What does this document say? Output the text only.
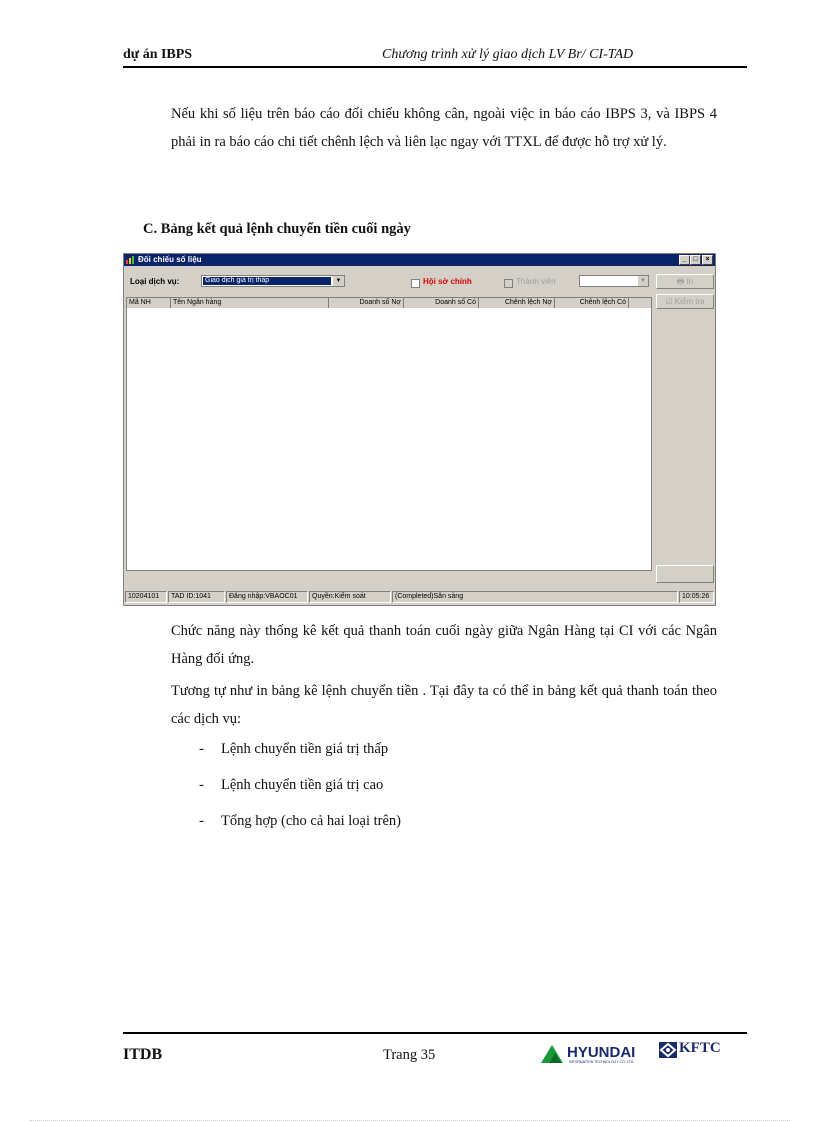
dự án IBPS	Chương trình xử lý giao dịch LV Br/ CI-TAD
Nếu khi số liệu trên báo cáo đối chiếu không cân, ngoài việc in báo cáo IBPS 3, và IBPS 4 phải in ra báo cáo chi tiết chênh lệch và liên lạc ngay với TTXL để được hỗ trợ xử lý.
C. Bảng kết quả lệnh chuyển tiền cuối ngày
Đối chiếu số liệu	_ □	×
Loại dịch vụ:	Giao dịch giá trị thấp	▼	Hội sở chính	Thành viên	▼
Mã NH	Tên Ngân hàng	Doanh số Nợ	Doanh số Có	Chênh lệch Nợ	Chênh lệch Có
🖶 In
☑ Kiểm tra
10204101	TAD ID:1041	Đăng nhập:VBAOC01	Quyền:Kiểm soát	(Completed)Sẵn sàng	10:05:26
Chức năng này thống kê kết quả thanh toán cuối ngày giữa Ngân Hàng tại CI với các Ngân Hàng đối ứng.
Tương tự như in bảng kê lệnh chuyển tiền . Tại đây ta có thể in bảng kết quả thanh toán theo các dịch vụ:
- Lệnh chuyển tiền giá trị thấp
- Lệnh chuyển tiền giá trị cao
- Tổng hợp (cho cả hai loại trên)
ITDB	Trang 35	HYUNDAI
INFORMATION TECHNOLOGY CO.,LTD.
KFTC
